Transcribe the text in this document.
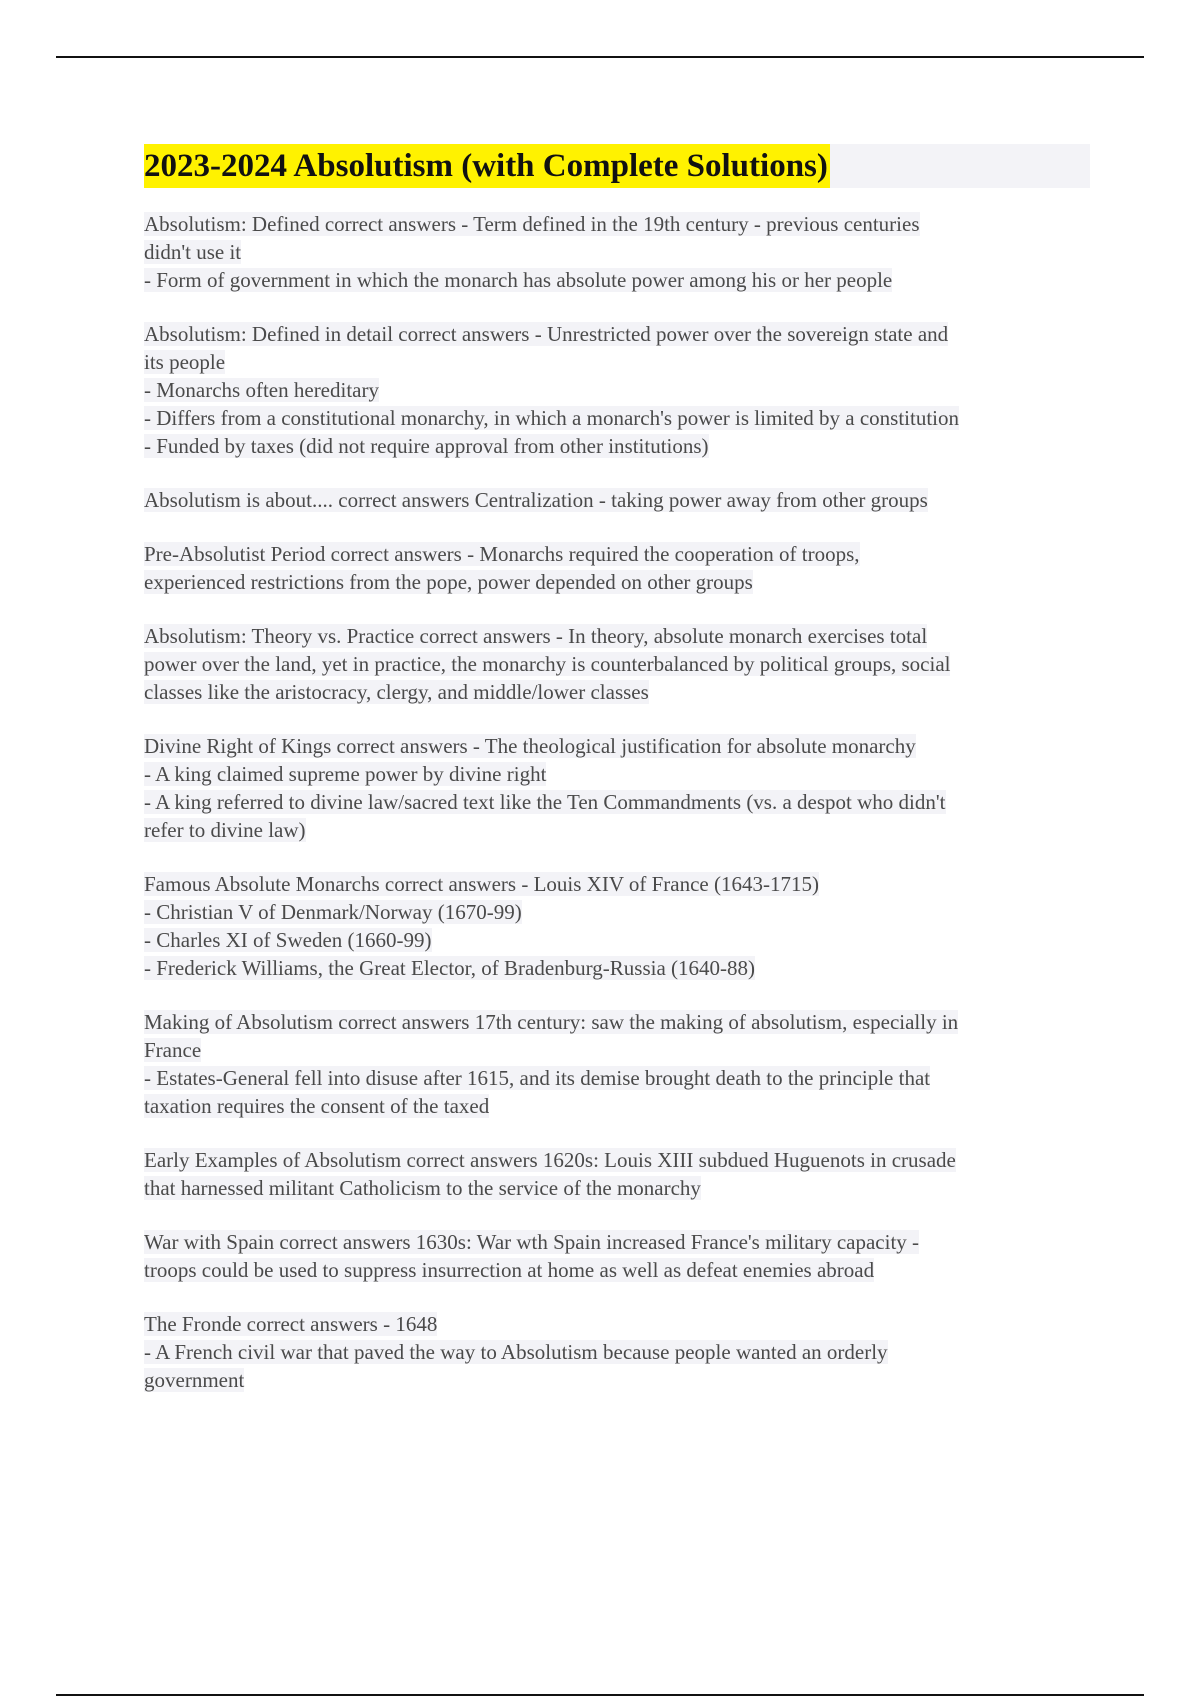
2023-2024 Absolutism (with Complete Solutions)
Absolutism: Defined correct answers - Term defined in the 19th century - previous centuries
didn't use it
- Form of government in which the monarch has absolute power among his or her people
Absolutism: Defined in detail correct answers - Unrestricted power over the sovereign state and
its people
- Monarchs often hereditary
- Differs from a constitutional monarchy, in which a monarch's power is limited by a constitution
- Funded by taxes (did not require approval from other institutions)
Absolutism is about.... correct answers Centralization - taking power away from other groups
Pre-Absolutist Period correct answers - Monarchs required the cooperation of troops,
experienced restrictions from the pope, power depended on other groups
Absolutism: Theory vs. Practice correct answers - In theory, absolute monarch exercises total
power over the land, yet in practice, the monarchy is counterbalanced by political groups, social
classes like the aristocracy, clergy, and middle/lower classes
Divine Right of Kings correct answers - The theological justification for absolute monarchy
- A king claimed supreme power by divine right
- A king referred to divine law/sacred text like the Ten Commandments (vs. a despot who didn't
refer to divine law)
Famous Absolute Monarchs correct answers - Louis XIV of France (1643-1715)
- Christian V of Denmark/Norway (1670-99)
- Charles XI of Sweden (1660-99)
- Frederick Williams, the Great Elector, of Bradenburg-Russia (1640-88)
Making of Absolutism correct answers 17th century: saw the making of absolutism, especially in
France
- Estates-General fell into disuse after 1615, and its demise brought death to the principle that
taxation requires the consent of the taxed
Early Examples of Absolutism correct answers 1620s: Louis XIII subdued Huguenots in crusade
that harnessed militant Catholicism to the service of the monarchy
War with Spain correct answers 1630s: War wth Spain increased France's military capacity -
troops could be used to suppress insurrection at home as well as defeat enemies abroad
The Fronde correct answers - 1648
- A French civil war that paved the way to Absolutism because people wanted an orderly
government
